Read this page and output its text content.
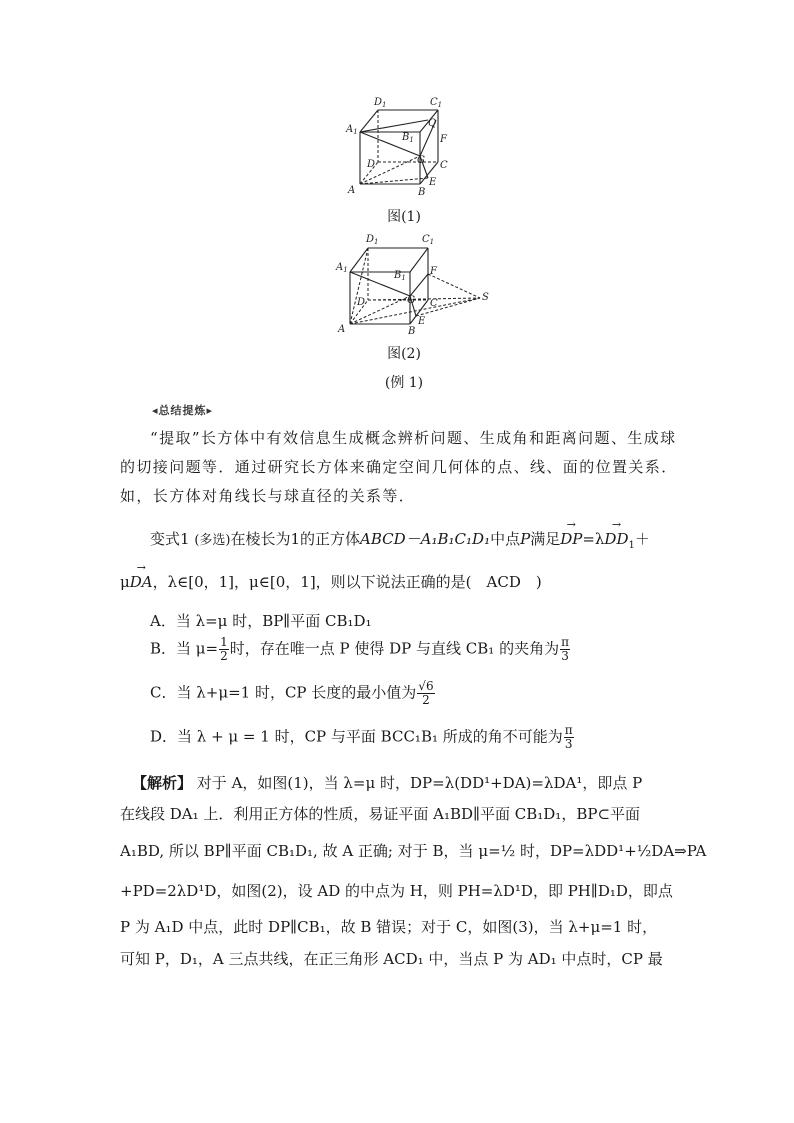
$D_1$	$C_1$
$A_1$	$B_1$
Q
F
D	G C
E
A	B
图(1)
$D_1$	$C_1$
$A_1$	$B_1$
F
D	G C
S
E
A	B
图(2)
(例 1)
◂总结提炼▸

“提取”长方体中有效信息生成概念辨析问题、生成角和距离问题、生成球的切接问题等．通过研究长方体来确定空间几何体的点、线、面的位置关系．如，长方体对角线长与球直径的关系等．

变式1 (多选)在棱长为1的正方体ABCD－A₁B₁C₁D₁中点P满足→ $DP=\lambda\to DD_1+$
μ→ DA，λ∈[0，1]，μ∈[0，1]，则以下说法正确的是(　ACD　)
A．当 λ=μ 时，BP∥平面 CB₁D₁
B．当 $\mu= \frac{1}{2}$ 时，存在唯一点 P 使得 DP 与直线 CB₁ 的夹角为 $\frac{\pi}{3}$
C．当 λ+μ=1 时，CP 长度的最小值为 $\frac{√6}{2}$
D．当 λ + μ = 1 时，CP 与平面 BCC₁B₁ 所成的角不可能为 $\frac{\pi}{3}$
【解析】 对于 A，如图(1)，当 λ=μ 时，DP=λ(DD¹+DA)=λDA¹，即点 P
在线段 DA₁ 上．利用正方体的性质，易证平面 A₁BD∥平面 CB₁D₁，BP⊂平面
A₁BD, 所以 BP∥平面 CB₁D₁, 故 A 正确; 对于 B，当 μ=½ 时，DP=λDD¹+½DA⇒PA
+PD=2λD¹D，如图(2)，设 AD 的中点为 H，则 PH=λD¹D，即 PH∥D₁D，即点
P 为 A₁D 中点，此时 DP∥CB₁，故 B 错误；对于 C，如图(3)，当 λ+μ=1 时，
可知 P，D₁，A 三点共线，在正三角形 ACD₁ 中，当点 P 为 AD₁ 中点时，CP 最
